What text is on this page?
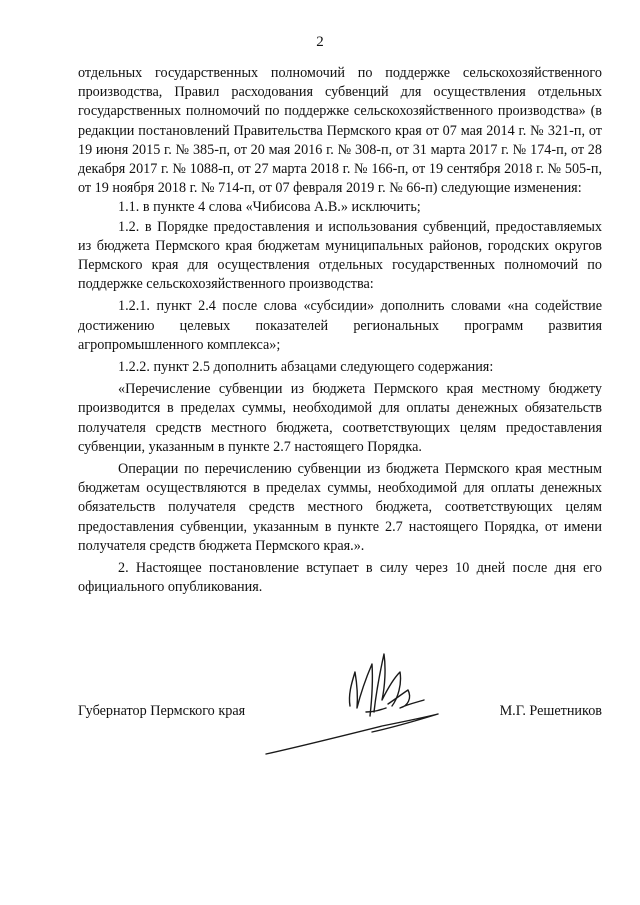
2

отдельных государственных полномочий по поддержке сельскохозяйственного производства, Правил расходования субвенций для осуществления отдельных государственных полномочий по поддержке сельскохозяйственного производства» (в редакции постановлений Правительства Пермского края от 07 мая 2014 г. № 321-п, от 19 июня 2015 г. № 385-п, от 20 мая 2016 г. № 308-п, от 31 марта 2017 г. № 174-п, от 28 декабря 2017 г. № 1088-п, от 27 марта 2018 г. № 166-п, от 19 сентября 2018 г. № 505-п, от 19 ноября 2018 г. № 714-п, от 07 февраля 2019 г. № 66-п) следующие изменения:

1.1. в пункте 4 слова «Чибисова А.В.» исключить;

1.2. в Порядке предоставления и использования субвенций, предоставляемых из бюджета Пермского края бюджетам муниципальных районов, городских округов Пермского края для осуществления отдельных государственных полномочий по поддержке сельскохозяйственного производства:

1.2.1. пункт 2.4 после слова «субсидии» дополнить словами «на содействие достижению целевых показателей региональных программ развития агропромышленного комплекса»;

1.2.2. пункт 2.5 дополнить абзацами следующего содержания:

«Перечисление субвенции из бюджета Пермского края местному бюджету производится в пределах суммы, необходимой для оплаты денежных обязательств получателя средств местного бюджета, соответствующих целям предоставления субвенции, указанным в пункте 2.7 настоящего Порядка.

Операции по перечислению субвенции из бюджета Пермского края местным бюджетам осуществляются в пределах суммы, необходимой для оплаты денежных обязательств получателя средств местного бюджета, соответствующих целям предоставления субвенции, указанным в пункте 2.7 настоящего Порядка, от имени получателя средств бюджета Пермского края.».

2. Настоящее постановление вступает в силу через 10 дней после дня его официального опубликования.

Губернатор Пермского края	М.Г. Решетников
